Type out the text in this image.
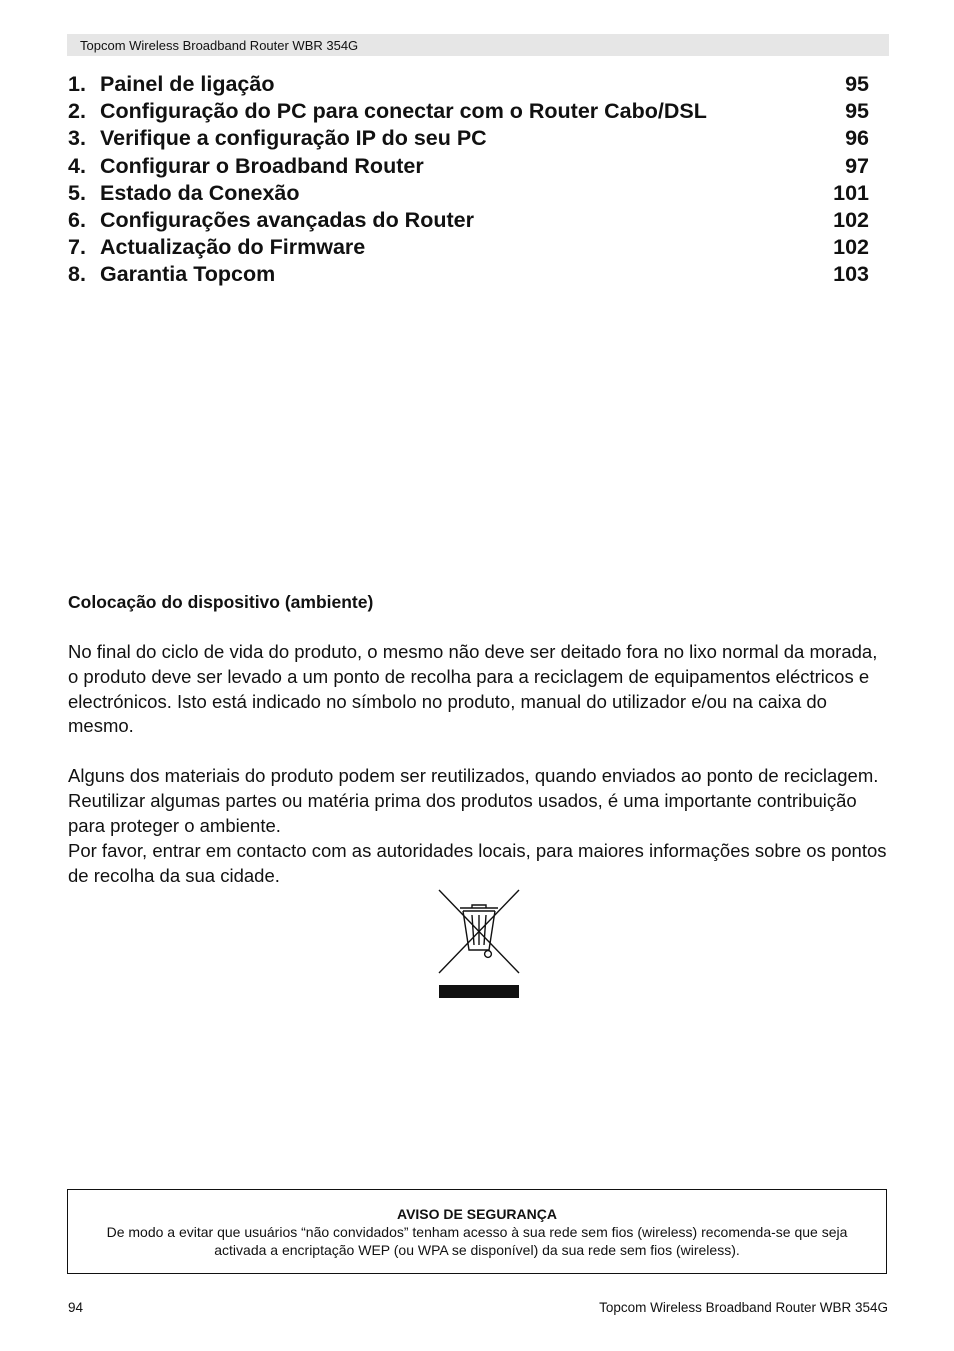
Topcom Wireless Broadband Router WBR 354G
1. Painel de ligação	95
2. Configuração do PC para conectar com o Router Cabo/DSL	95
3. Verifique a configuração IP do seu PC	96
4. Configurar o Broadband Router	97
5. Estado da Conexão	101
6. Configurações avançadas do Router	102
7. Actualização do Firmware	102
8. Garantia Topcom	103
Colocação do dispositivo (ambiente)

No final do ciclo de vida do produto, o mesmo não deve ser deitado fora no lixo normal da morada, o produto deve ser levado a um ponto de recolha para a reciclagem de equipamentos eléctricos e electrónicos. Isto está indicado no símbolo no produto, manual do utilizador e/ou na caixa do mesmo.

Alguns dos materiais do produto podem ser reutilizados, quando enviados ao ponto de reciclagem. Reutilizar algumas partes ou matéria prima dos produtos usados, é uma importante contribuição para proteger o ambiente.

Por favor, entrar em contacto com as autoridades locais, para maiores informações sobre os pontos de recolha da sua cidade.

AVISO DE SEGURANÇA
De modo a evitar que usuários “não convidados” tenham acesso à sua rede sem fios (wireless) recomenda-se que seja activada a encriptação WEP (ou WPA se disponível) da sua rede sem fios (wireless).
94	Topcom Wireless Broadband Router WBR 354G
